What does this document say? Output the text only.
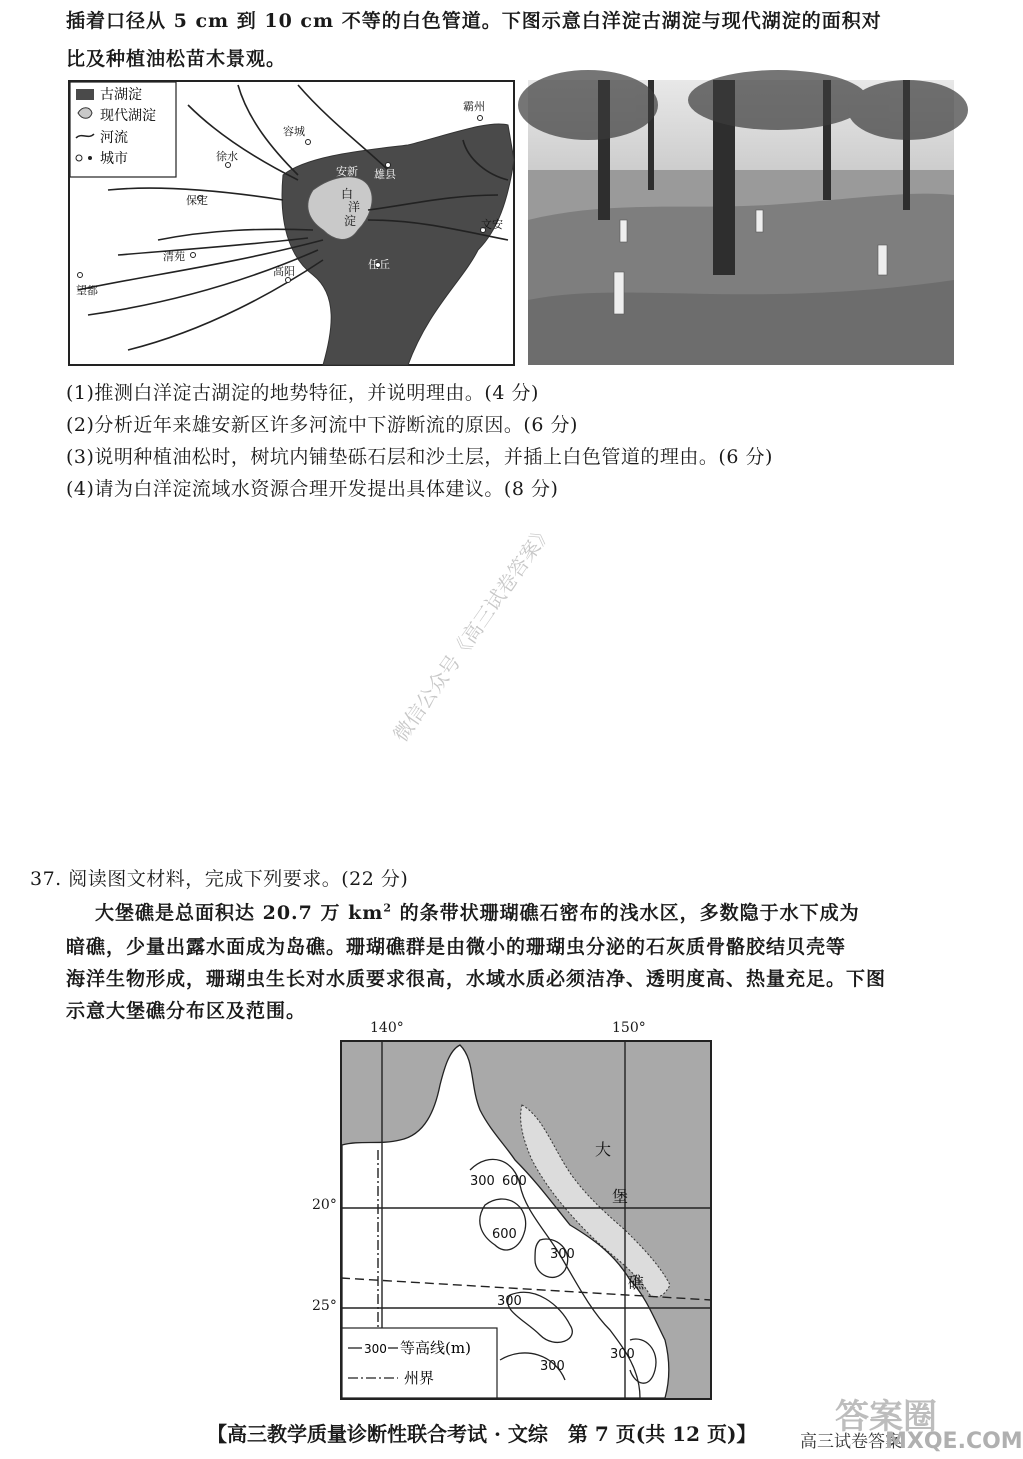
插着口径从 5 cm 到 10 cm 不等的白色管道。下图示意白洋淀古湖淀与现代湖淀的面积对
比及种植油松苗木景观。
古湖淀
现代湖淀
河流
城市
霸州
容城
徐水
安新 雄县
保定
文安
清苑
任丘
高阳
望都
白
洋
淀
(1)推测白洋淀古湖淀的地势特征，并说明理由。(4 分)
(2)分析近年来雄安新区许多河流中下游断流的原因。(6 分)
(3)说明种植油松时，树坑内铺垫砾石层和沙土层，并插上白色管道的理由。(6 分)
(4)请为白洋淀流域水资源合理开发提出具体建议。(8 分)
微信公众号《高三试卷答案》
37. 阅读图文材料，完成下列要求。(22 分)
大堡礁是总面积达 20.7 万 $km^2$ 的条带状珊瑚礁石密布的浅水区，多数隐于水下成为
暗礁，少量出露水面成为岛礁。珊瑚礁群是由微小的珊瑚虫分泌的石灰质骨骼胶结贝壳等
海洋生物形成，珊瑚虫生长对水质要求很高，水域水质必须洁净、透明度高、热量充足。下图
示意大堡礁分布区及范围。
300 600
600
300
300
300
300
大
堡
礁
300 等高线(m)
州界
140°	150°
20°
25°
【高三教学质量诊断性联合考试 · 文综　第 7 页(共 12 页)】 答案圈
高三试卷答案
MXQE.COM
